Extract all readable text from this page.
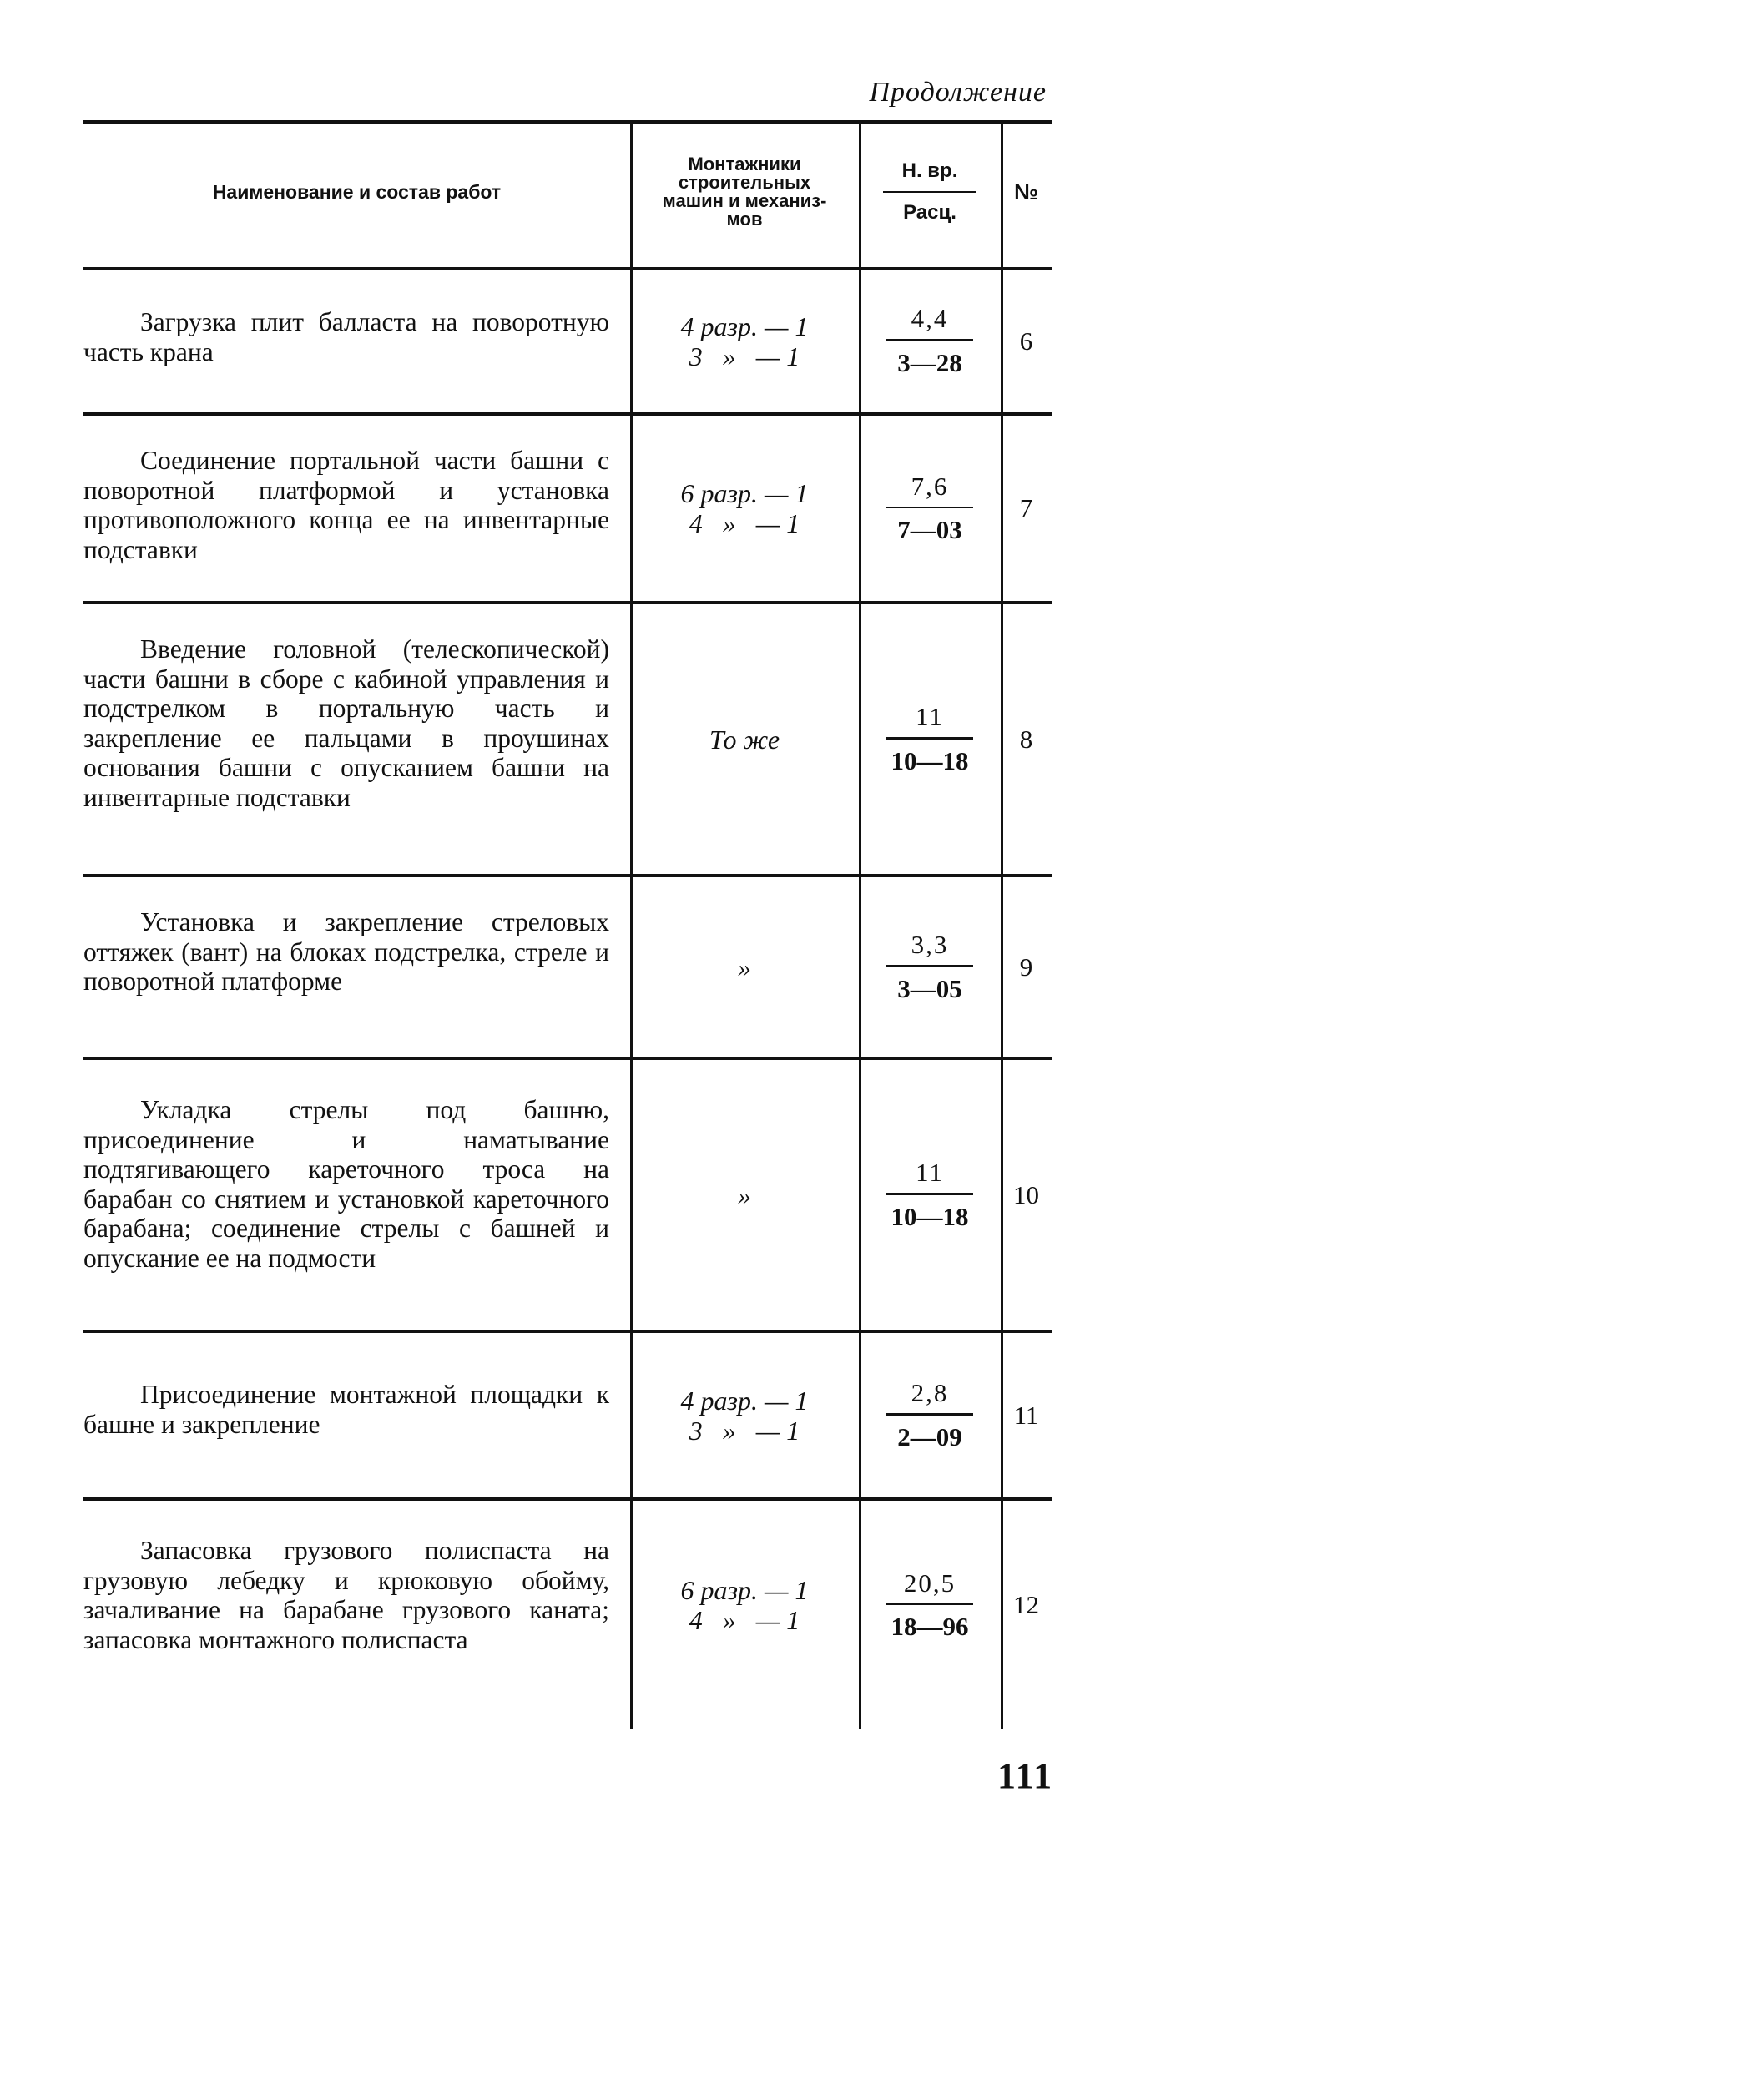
Продолжение
Наименование и состав работ
Монтажники
строительных
машин и механиз-
мов
Н. вр.
Расц.
№
Загрузка плит балласта на поворотную часть крана
4 разр. — 1
3   »   — 1
4,4
3—28
6
Соединение портальной части башни с поворотной платформой и установка противоположного конца ее на инвентарные подставки
6 разр. — 1
4   »   — 1
7,6
7—03
7
Введение головной (телескопической) части башни в сборе с кабиной управления и подстрелком в портальную часть и закрепление ее пальцами в проушинах основания башни с опусканием башни на инвентарные подставки
То же
11
10—18
8
Установка и закрепление стреловых оттяжек (вант) на блоках подстрелка, стреле и поворотной платформе	»
3,3
3—05
9
Укладка стрелы под башню, присоединение и наматывание подтягивающего кареточного троса на барабан со снятием и установкой кареточного барабана; соединение стрелы с башней и опускание ее на подмости
»
11
10—18
10
Присоединение монтажной площадки к башне и закрепление
4 разр. — 1
3   »   — 1
2,8
2—09
11
Запасовка грузового полиспаста на грузовую лебедку и крюковую обойму, зачаливание на барабане грузового каната; запасовка монтажного полиспаста
6 разр. — 1
4   »   — 1
20,5
18—96
12
111
